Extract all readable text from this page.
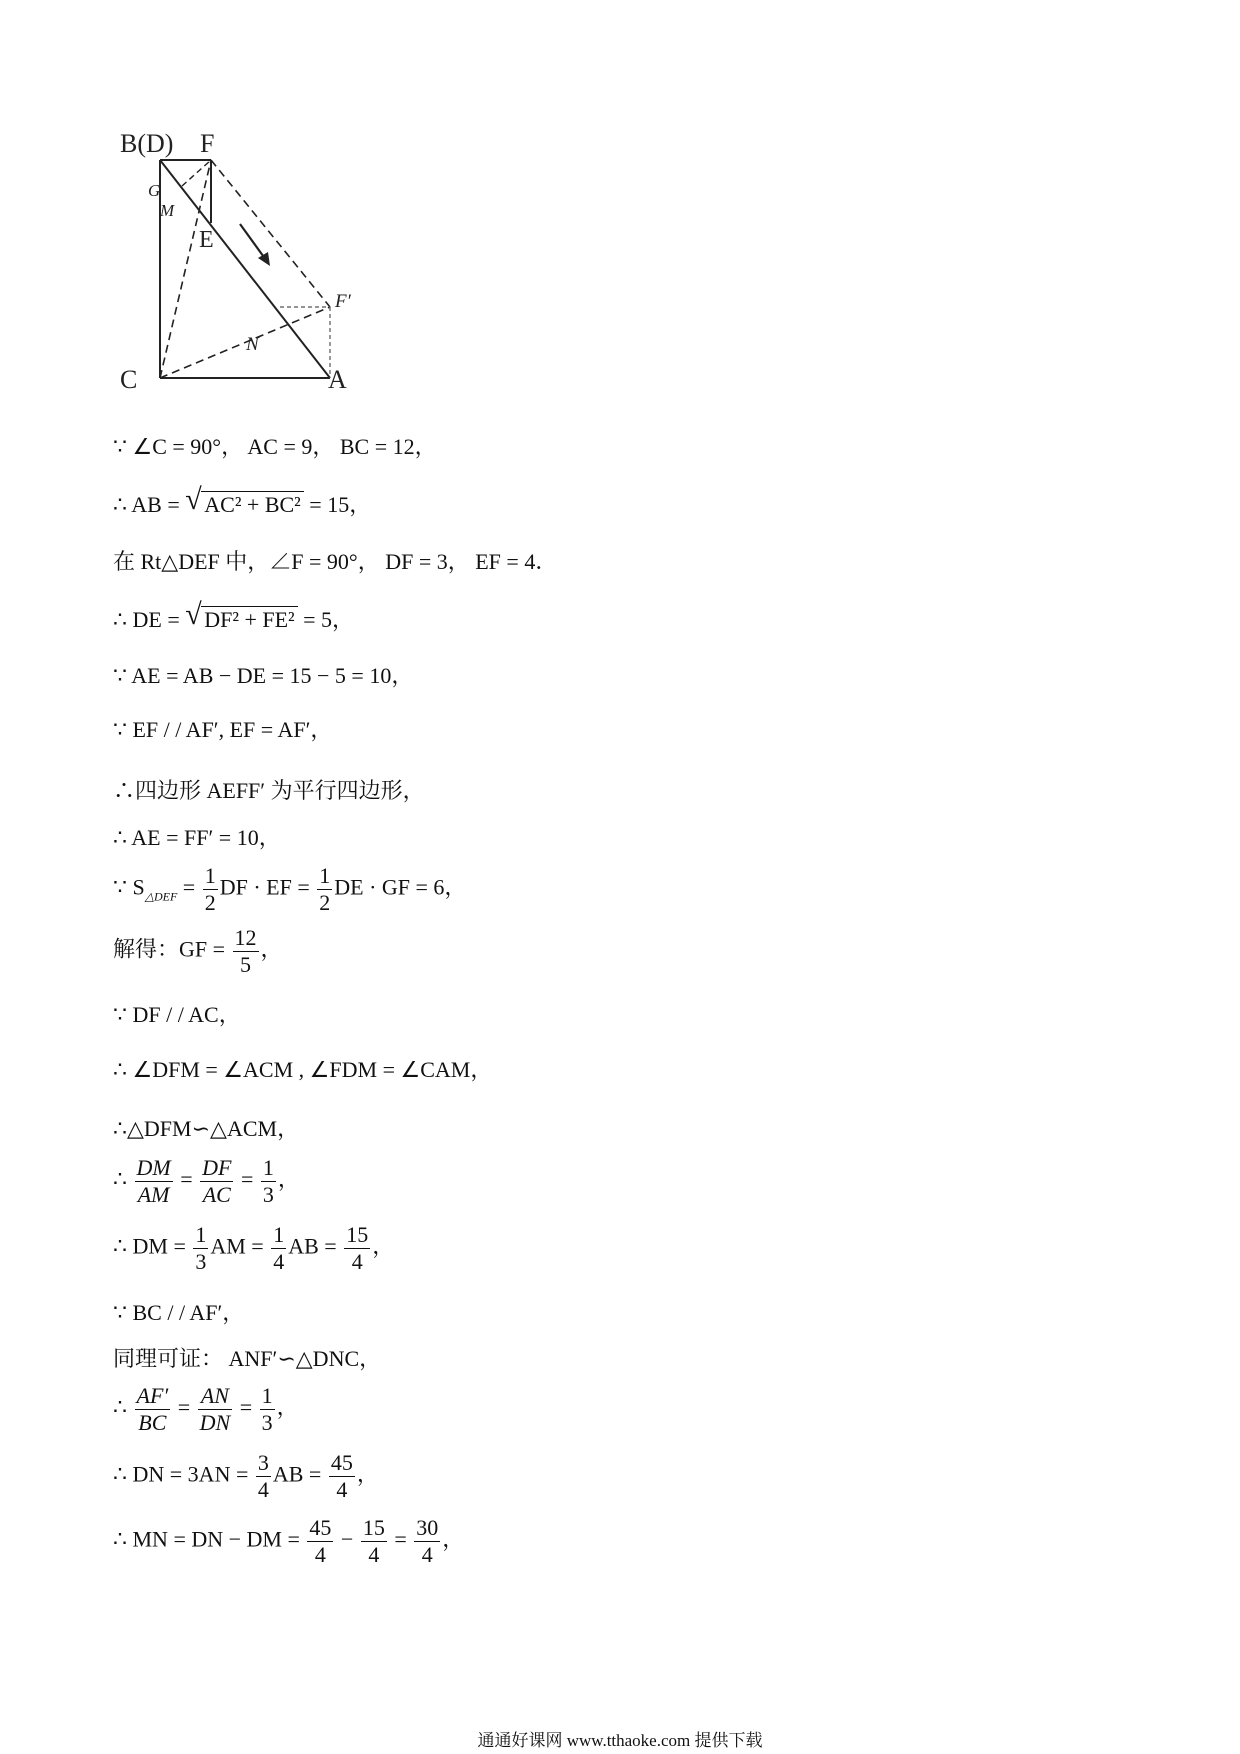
B(D) F
G
M
E
F′
N
C	A
∵ ∠C = 90°， AC = 9， BC = 12，
∴ AB = √ AC² + BC² = 15，
在 Rt△DEF 中，∠F = 90°， DF = 3， EF = 4．
∴ DE = √ DF² + FE² = 5，
∵ AE = AB − DE = 15 − 5 = 10，
∵ EF / / AF′, EF = AF′，
∴四边形 AEFF′ 为平行四边形，
∴ AE = FF′ = 10，
∵ $S_{\triangle DEF} = \frac{1}{2}$ DF · EF = $\frac{1}{2}$ DE · GF = 6，
解得：GF = $\frac{12}{5}$ ，
∵ DF / / AC，
∴ ∠DFM = ∠ACM , ∠FDM = ∠CAM，
∴△DFM∽△ACM，
∴ $\frac{DM}{AM} = \frac{DF}{AC} = \frac{1}{3}$ ，
∴ DM = $\frac{1}{3}$ AM = $\frac{1}{4}$ AB = $\frac{15}{4}$ ，
∵ BC / / AF′，
同理可证： ANF′∽△DNC，
∴ $\frac{AF'}{BC} = \frac{AN}{DN} = \frac{1}{3}$ ，
∴ DN = $3AN = \frac{3}{4}$ AB = $\frac{45}{4}$ ，
∴ MN = DN − DM = $\frac{45}{4} - \frac{15}{4} = \frac{30}{4}$ ，
通通好课网 www.tthaoke.com 提供下载
